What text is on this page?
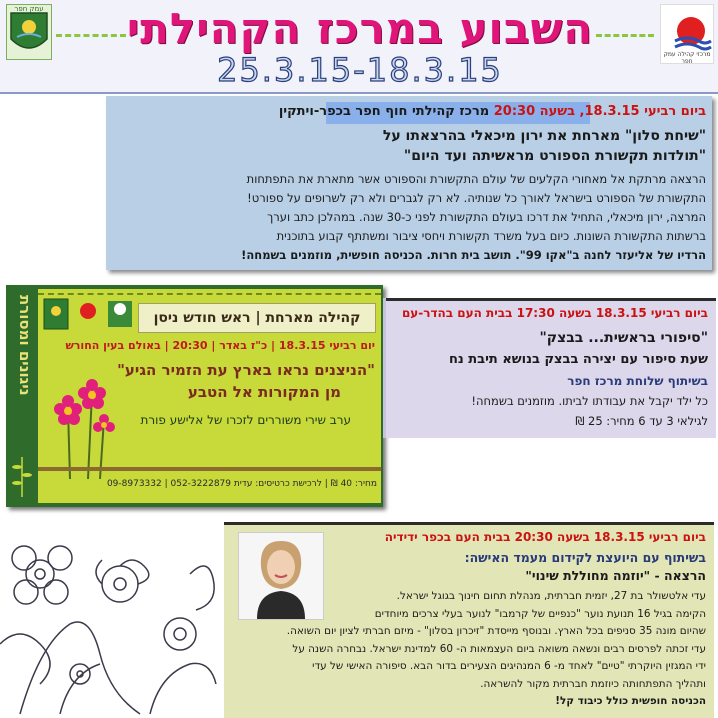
עמק חפר	השבוע במרכז הקהילתי
25.3.15-18.3.15	מרכזי קהילה עמק חפר
ביום רביעי 18.3.15, בשעה 20:30 מרכז קהילתי חוף חפר בכפר-ויתקין
"שיחת סלון" מארחת את ירון מיכאלי בהרצאתו על
"תולדות תקשורת הספורט מראשיתה ועד היום"
הרצאה מרתקת אל מאחורי הקלעים של עולם התקשורת והספורט אשר מתארת את התפתחות
התקשורת של הספורט בישראל לאורך כל שנותיה. לא רק לגברים ולא רק לשרופים על ספורט!
המרצה, ירון מיכאלי, התחיל את דרכו בעולם התקשורת לפני כ-30 שנה. במהלכן כתב וערך
ברשתות התקשורת השונות. כיום בעל משרד תקשורת ויחסי ציבור ומשתתף קבוע בתוכנית
הרדיו של אליעזר לחנה ב"אקו 99". תושב בית חרות. הכניסה חופשית, מוזמנים בשמחה!
ניגונים ומסורת	קהילה מארחת | ראש חודש ניסן
יום רביעי 18.3.15 | כ"ז באדר | 20:30 | באולם בעין החורש
"הניצנים נראו בארץ עת הזמיר הגיע"
מן המקורות אל הטבע
ערב שירי משוררים לזכרו של אלישע פורת
מחיר: 40 ₪ | לרכישת כרטיסים: עדית 052-3222879 | 09-8973332
ביום רביעי 18.3.15 בשעה 17:30 בבית העם בהדר-עם
"סיפורי בראשית... בבצק"
שעת סיפור עם יצירה בבצק בנושא תיבת נח
בשיתוף שלוחת מרכז חפר
כל ילד יקבל את עבודתו לביתו. מוזמנים בשמחה!
לגילאי 3 עד 6 מחיר: 25 ₪
ביום רביעי 18.3.15 בשעה 20:30 בבית העם בכפר ידידיה
בשיתוף עם היועצת לקידום מעמד האישה:
הרצאה - "יוזמה מחוללת שינוי"
עדי אלטשולר בת 27, יזמית חברתית, מנהלת תחום חינוך בגוגל ישראל.
הקימה בגיל 16 תנועת נוער "כנפיים של קרמבו" לנוער בעלי צרכים מיוחדים
שהיום מונה 35 סניפים בכל הארץ. ובנוסף מייסדת "זיכרון בסלון" - מיזם חברתי לציון יום השואה.
עדי זכתה לפרסים רבים ונשאה משואה ביום העצמאות ה- 60 למדינת ישראל. נבחרה השנה על
ידי המגזין היוקרתי "טיים" לאחד מ- 6 המנהיגים הצעירים בדור הבא. סיפורה האישי של עדי
ותהליך התפתחותה כיוזמת חברתית מקור להשראה.
הכניסה חופשית כולל כיבוד קל!
